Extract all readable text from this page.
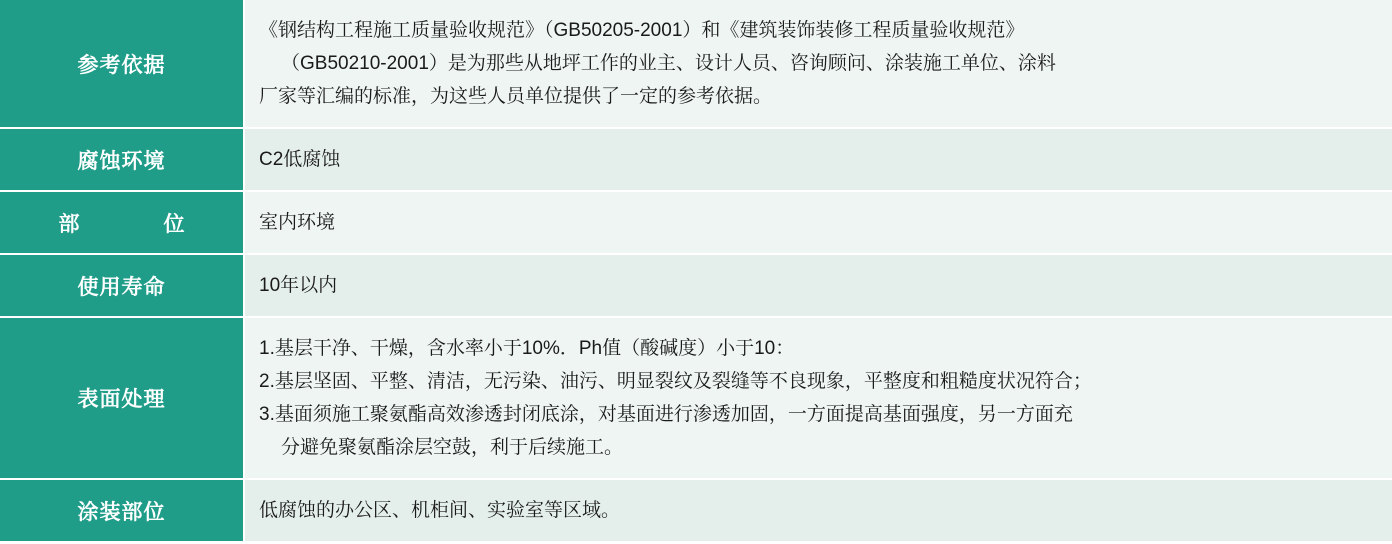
参考依据	《钢结构工程施工质量验收规范》（GB50205-2001）和《建筑装饰装修工程质量验收规范》
（GB50210-2001）是为那些从地坪工作的业主、设计人员、咨询顾问、涂装施工单位、涂料
厂家等汇编的标准，为这些人员单位提供了一定的参考依据。

腐蚀环境	C2低腐蚀

部　　位	室内环境

使用寿命	10年以内

表面处理	1.基层干净、干燥，含水率小于10%．Ph值（酸碱度）小于10：
2.基层坚固、平整、清洁，无污染、油污、明显裂纹及裂缝等不良现象，平整度和粗糙度状况符合；
3.基面须施工聚氨酯高效渗透封闭底涂，对基面进行渗透加固，一方面提高基面强度，另一方面充
分避免聚氨酯涂层空鼓，利于后续施工。

涂装部位	低腐蚀的办公区、机柜间、实验室等区域。
